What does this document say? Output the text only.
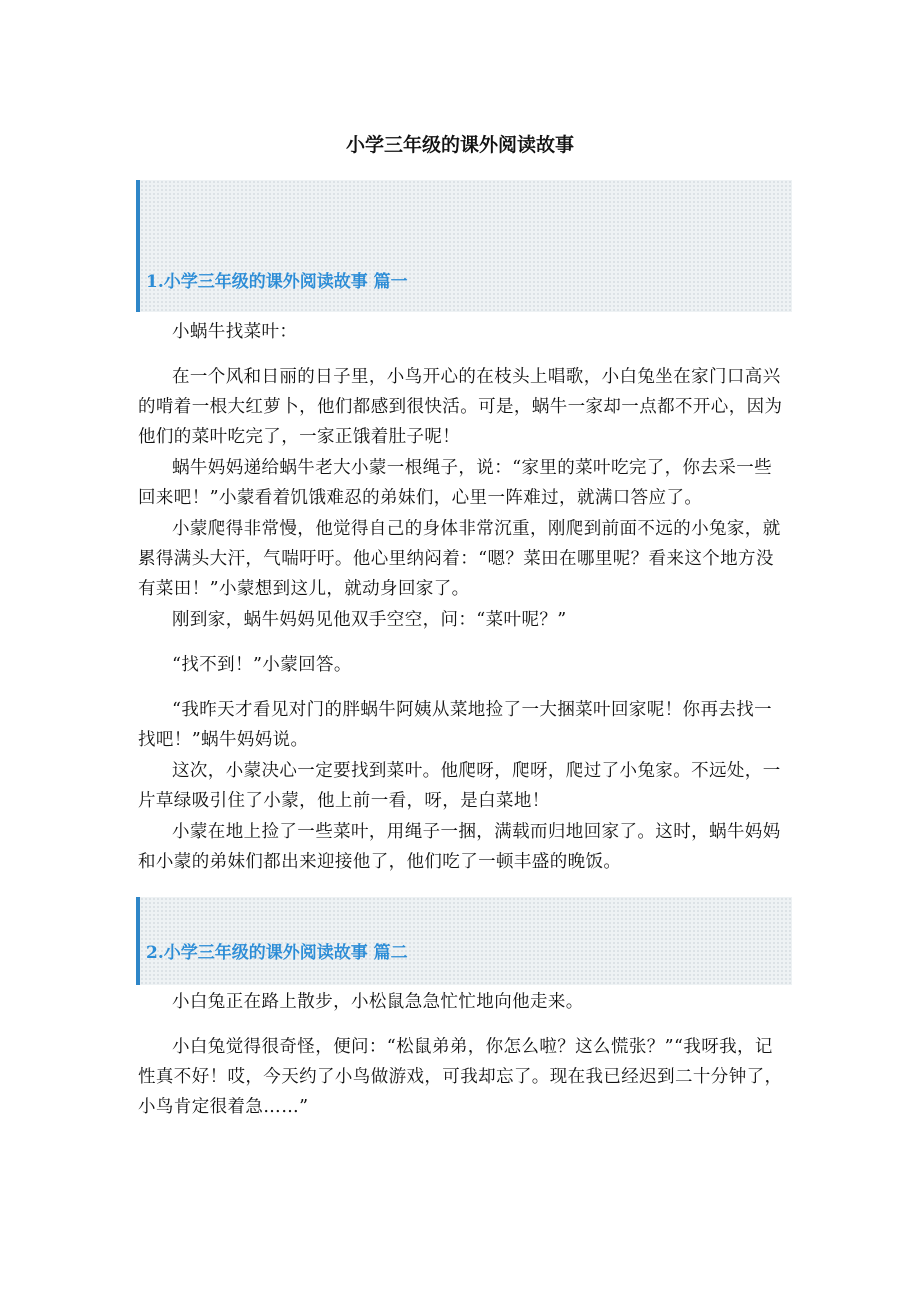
小学三年级的课外阅读故事
1.小学三年级的课外阅读故事 篇一

小蜗牛找菜叶：

在一个风和日丽的日子里，小鸟开心的在枝头上唱歌，小白兔坐在家门口高兴的啃着一根大红萝卜，他们都感到很快活。可是，蜗牛一家却一点都不开心，因为他们的菜叶吃完了，一家正饿着肚子呢！

蜗牛妈妈递给蜗牛老大小蒙一根绳子，说：“家里的菜叶吃完了，你去采一些回来吧！”小蒙看着饥饿难忍的弟妹们，心里一阵难过，就满口答应了。

小蒙爬得非常慢，他觉得自己的身体非常沉重，刚爬到前面不远的小兔家，就累得满头大汗，气喘吁吁。他心里纳闷着：“嗯？菜田在哪里呢？看来这个地方没有菜田！”小蒙想到这儿，就动身回家了。

刚到家，蜗牛妈妈见他双手空空，问：“菜叶呢？”

“找不到！”小蒙回答。

“我昨天才看见对门的胖蜗牛阿姨从菜地捡了一大捆菜叶回家呢！你再去找一找吧！”蜗牛妈妈说。

这次，小蒙决心一定要找到菜叶。他爬呀，爬呀，爬过了小兔家。不远处，一片草绿吸引住了小蒙，他上前一看，呀，是白菜地！

小蒙在地上捡了一些菜叶，用绳子一捆，满载而归地回家了。这时，蜗牛妈妈和小蒙的弟妹们都出来迎接他了，他们吃了一顿丰盛的晚饭。

2.小学三年级的课外阅读故事 篇二

小白兔正在路上散步，小松鼠急急忙忙地向他走来。

小白兔觉得很奇怪，便问：“松鼠弟弟，你怎么啦？这么慌张？”“我呀我，记性真不好！哎，今天约了小鸟做游戏，可我却忘了。现在我已经迟到二十分钟了，小鸟肯定很着急……”
